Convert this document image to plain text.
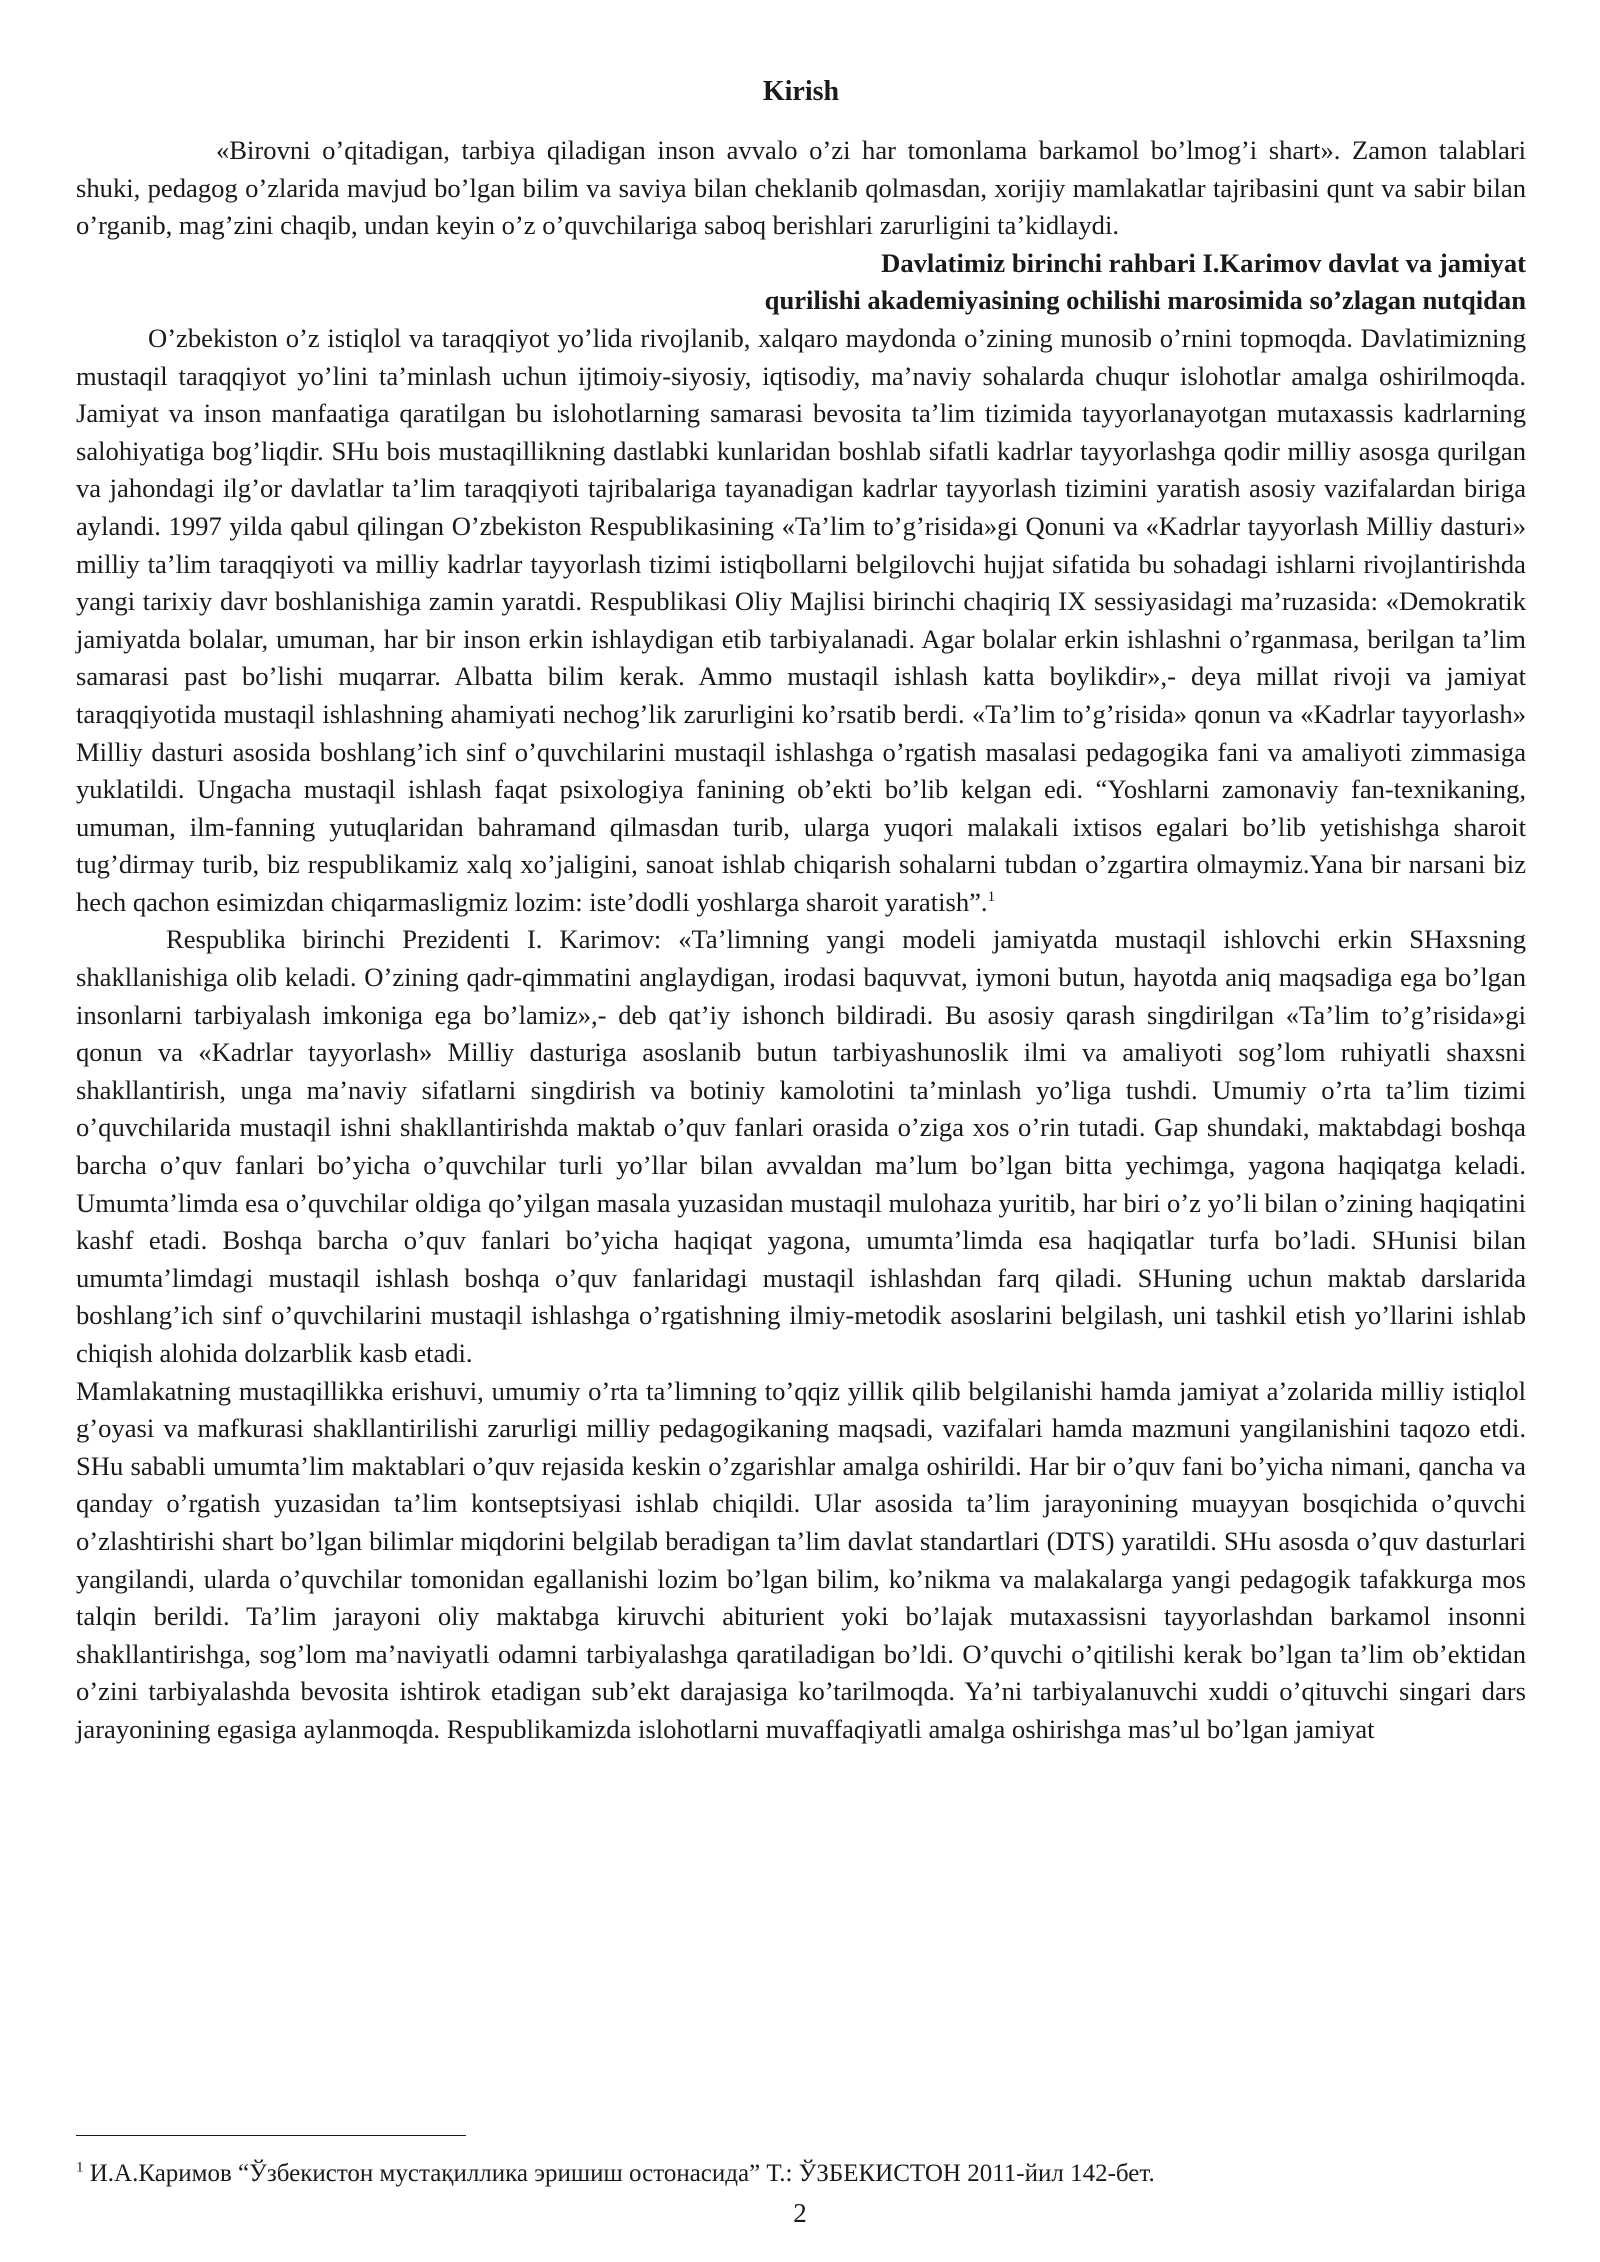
Kirish

«Birovni o’qitadigan, tarbiya qiladigan inson avvalo o’zi har tomonlama barkamol bo’lmog’i shart». Zamon talablari shuki, pedagog o’zlarida mavjud bo’lgan bilim va saviya bilan cheklanib qolmasdan, xorijiy mamlakatlar tajribasini qunt va sabir bilan o’rganib, mag’zini chaqib, undan keyin o’z o’quvchilariga saboq berishlari zarurligini ta’kidlaydi.

Davlatimiz birinchi rahbari I.Karimov davlat va jamiyat
qurilishi akademiyasining ochilishi marosimida so’zlagan nutqidan

O’zbekiston o’z istiqlol va taraqqiyot yo’lida rivojlanib, xalqaro maydonda o’zining munosib o’rnini topmoqda. Davlatimizning mustaqil taraqqiyot yo’lini ta’minlash uchun ijtimoiy-siyosiy, iqtisodiy, ma’naviy sohalarda chuqur islohotlar amalga oshirilmoqda. Jamiyat va inson manfaatiga qaratilgan bu islohotlarning samarasi bevosita ta’lim tizimida tayyorlanayotgan mutaxassis kadrlarning salohiyatiga bog’liqdir. SHu bois mustaqillikning dastlabki kunlaridan boshlab sifatli kadrlar tayyorlashga qodir milliy asosga qurilgan va jahondagi ilg’or davlatlar ta’lim taraqqiyoti tajribalariga tayanadigan kadrlar tayyorlash tizimini yaratish asosiy vazifalardan biriga aylandi. 1997 yilda qabul qilingan O’zbekiston Respublikasining «Ta’lim to’g’risida»gi Qonuni va «Kadrlar tayyorlash Milliy dasturi» milliy ta’lim taraqqiyoti va milliy kadrlar tayyorlash tizimi istiqbollarni belgilovchi hujjat sifatida bu sohadagi ishlarni rivojlantirishda yangi tarixiy davr boshlanishiga zamin yaratdi. Respublikasi Oliy Majlisi birinchi chaqiriq IX sessiyasidagi ma’ruzasida: «Demokratik jamiyatda bolalar, umuman, har bir inson erkin ishlaydigan etib tarbiyalanadi. Agar bolalar erkin ishlashni o’rganmasa, berilgan ta’lim samarasi past bo’lishi muqarrar. Albatta bilim kerak. Ammo mustaqil ishlash katta boylikdir»,- deya millat rivoji va jamiyat taraqqiyotida mustaqil ishlashning ahamiyati nechog’lik zarurligini ko’rsatib berdi. «Ta’lim to’g’risida» qonun va «Kadrlar tayyorlash» Milliy dasturi asosida boshlang’ich sinf o’quvchilarini mustaqil ishlashga o’rgatish masalasi pedagogika fani va amaliyoti zimmasiga yuklatildi. Ungacha mustaqil ishlash faqat psixologiya fanining ob’ekti bo’lib kelgan edi. “Yoshlarni zamonaviy fan-texnikaning, umuman, ilm-fanning yutuqlaridan bahramand qilmasdan turib, ularga yuqori malakali ixtisos egalari bo’lib yetishishga sharoit tug’dirmay turib, biz respublikamiz xalq xo’jaligini, sanoat ishlab chiqarish sohalarni tubdan o’zgartira olmaymiz.Yana bir narsani biz hech qachon esimizdan chiqarmasligmiz lozim: iste’dodli yoshlarga sharoit yaratish”.$^1$

Respublika birinchi Prezidenti I. Karimov: «Ta’limning yangi modeli jamiyatda mustaqil ishlovchi erkin SHaxsning shakllanishiga olib keladi. O’zining qadr-qimmatini anglaydigan, irodasi baquvvat, iymoni butun, hayotda aniq maqsadiga ega bo’lgan insonlarni tarbiyalash imkoniga ega bo’lamiz»,- deb qat’iy ishonch bildiradi. Bu asosiy qarash singdirilgan «Ta’lim to’g’risida»gi qonun va «Kadrlar tayyorlash» Milliy dasturiga asoslanib butun tarbiyashunoslik ilmi va amaliyoti sog’lom ruhiyatli shaxsni shakllantirish, unga ma’naviy sifatlarni singdirish va botiniy kamolotini ta’minlash yo’liga tushdi. Umumiy o’rta ta’lim tizimi o’quvchilarida mustaqil ishni shakllantirishda maktab o’quv fanlari orasida o’ziga xos o’rin tutadi. Gap shundaki, maktabdagi boshqa barcha o’quv fanlari bo’yicha o’quvchilar turli yo’llar bilan avvaldan ma’lum bo’lgan bitta yechimga, yagona haqiqatga keladi. Umumta’limda esa o’quvchilar oldiga qo’yilgan masala yuzasidan mustaqil mulohaza yuritib, har biri o’z yo’li bilan o’zining haqiqatini kashf etadi. Boshqa barcha o’quv fanlari bo’yicha haqiqat yagona, umumta’limda esa haqiqatlar turfa bo’ladi. SHunisi bilan umumta’limdagi mustaqil ishlash boshqa o’quv fanlaridagi mustaqil ishlashdan farq qiladi. SHuning uchun maktab darslarida boshlang’ich sinf o’quvchilarini mustaqil ishlashga o’rgatishning ilmiy-metodik asoslarini belgilash, uni tashkil etish yo’llarini ishlab chiqish alohida dolzarblik kasb etadi.

Mamlakatning mustaqillikka erishuvi, umumiy o’rta ta’limning to’qqiz yillik qilib belgilanishi hamda jamiyat a’zolarida milliy istiqlol g’oyasi va mafkurasi shakllantirilishi zarurligi milliy pedagogikaning maqsadi, vazifalari hamda mazmuni yangilanishini taqozo etdi. SHu sababli umumta’lim maktablari o’quv rejasida keskin o’zgarishlar amalga oshirildi. Har bir o’quv fani bo’yicha nimani, qancha va qanday o’rgatish yuzasidan ta’lim kontseptsiyasi ishlab chiqildi. Ular asosida ta’lim jarayonining muayyan bosqichida o’quvchi o’zlashtirishi shart bo’lgan bilimlar miqdorini belgilab beradigan ta’lim davlat standartlari (DTS) yaratildi. SHu asosda o’quv dasturlari yangilandi, ularda o’quvchilar tomonidan egallanishi lozim bo’lgan bilim, ko’nikma va malakalarga yangi pedagogik tafakkurga mos talqin berildi. Ta’lim jarayoni oliy maktabga kiruvchi abiturient yoki bo’lajak mutaxassisni tayyorlashdan barkamol insonni shakllantirishga, sog’lom ma’naviyatli odamni tarbiyalashga qaratiladigan bo’ldi. O’quvchi o’qitilishi kerak bo’lgan ta’lim ob’ektidan o’zini tarbiyalashda bevosita ishtirok etadigan sub’ekt darajasiga ko’tarilmoqda. Ya’ni tarbiyalanuvchi xuddi o’qituvchi singari dars jarayonining egasiga aylanmoqda. Respublikamizda islohotlarni muvaffaqiyatli amalga oshirishga mas’ul bo’lgan jamiyat

$^1$ И.А.Каримов “Ўзбекистон мустақиллика эришиш остонасида” Т.: ЎЗБЕКИСТОН 2011-йил 142-бет.
2
